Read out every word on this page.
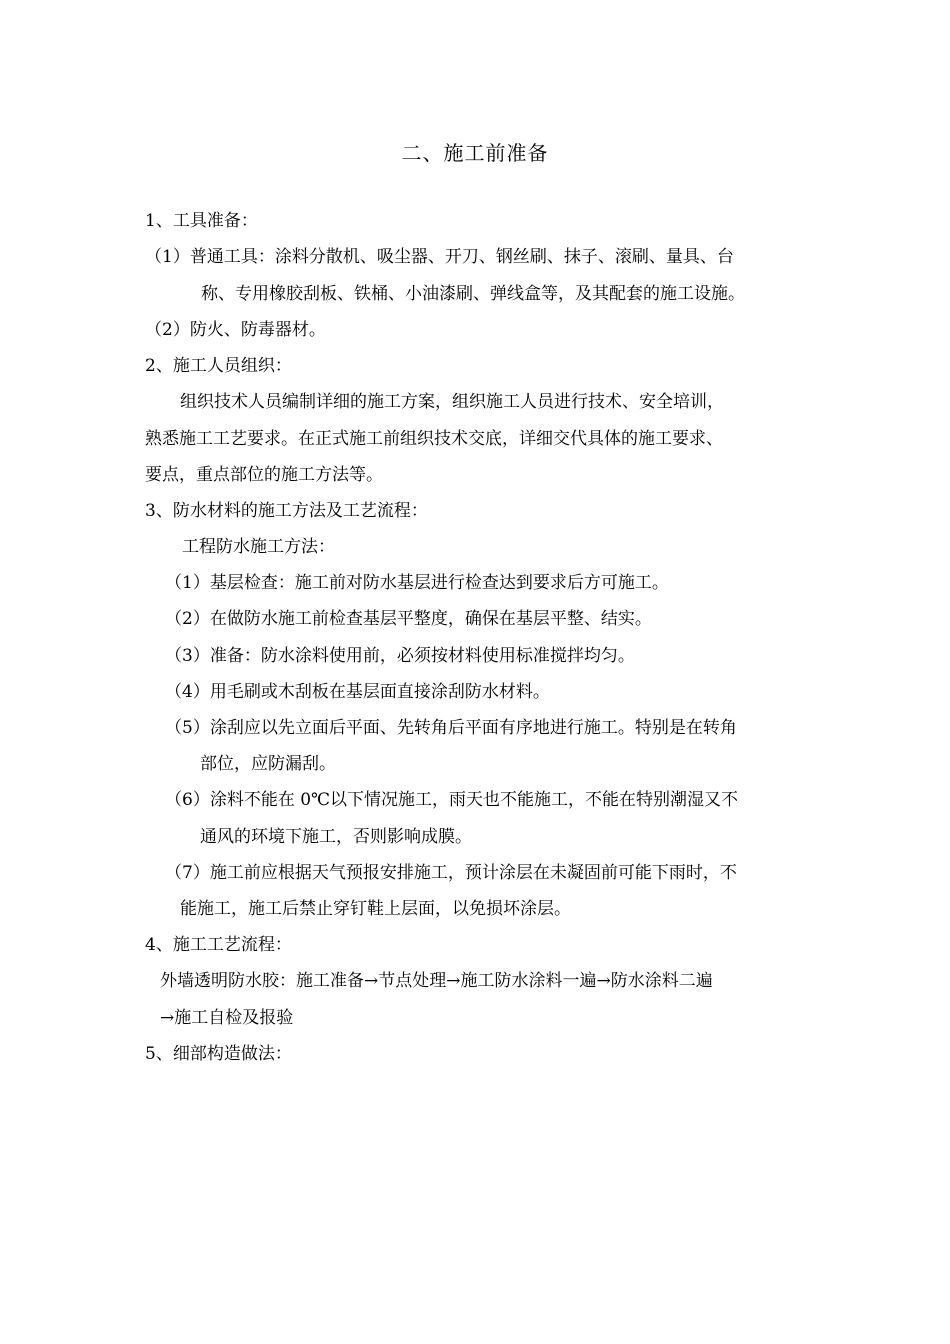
二、施工前准备
1、工具准备：
（1）普通工具：涂料分散机、吸尘器、开刀、钢丝刷、抹子、滚刷、量具、台
称、专用橡胶刮板、铁桶、小油漆刷、弹线盒等，及其配套的施工设施。
（2）防火、防毒器材。
2、施工人员组织：
组织技术人员编制详细的施工方案，组织施工人员进行技术、安全培训，
熟悉施工工艺要求。在正式施工前组织技术交底，详细交代具体的施工要求、
要点，重点部位的施工方法等。
3、防水材料的施工方法及工艺流程：
工程防水施工方法：
（1）基层检查：施工前对防水基层进行检查达到要求后方可施工。
（2）在做防水施工前检查基层平整度，确保在基层平整、结实。
（3）准备：防水涂料使用前，必须按材料使用标准搅拌均匀。
（4）用毛刷或木刮板在基层面直接涂刮防水材料。
（5）涂刮应以先立面后平面、先转角后平面有序地进行施工。特别是在转角
部位，应防漏刮。
（6）涂料不能在 0℃以下情况施工，雨天也不能施工，不能在特别潮湿又不
通风的环境下施工，否则影响成膜。
（7）施工前应根据天气预报安排施工，预计涂层在未凝固前可能下雨时，不
能施工，施工后禁止穿钉鞋上层面，以免损坏涂层。
4、施工工艺流程：
外墙透明防水胶：施工准备→节点处理→施工防水涂料一遍→防水涂料二遍
→施工自检及报验
5、细部构造做法：
